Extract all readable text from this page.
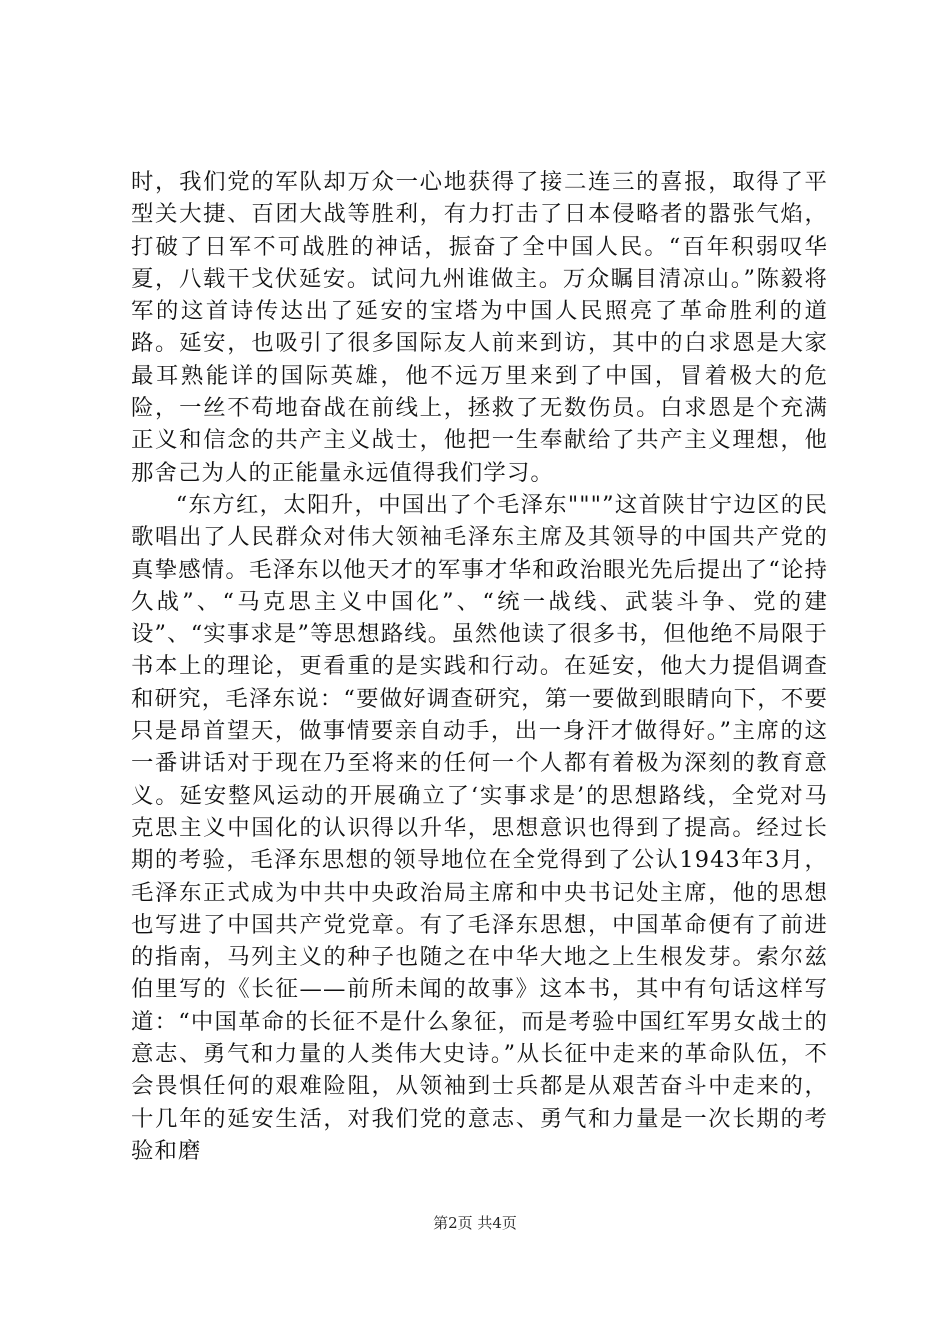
时，我们党的军队却万众一心地获得了接二连三的喜报，取得了平型关大捷、百团大战等胜利，有力打击了日本侵略者的嚣张气焰，打破了日军不可战胜的神话，振奋了全中国人民。“百年积弱叹华夏，八载干戈伏延安。试问九州谁做主。万众瞩目清凉山。”陈毅将军的这首诗传达出了延安的宝塔为中国人民照亮了革命胜利的道路。延安，也吸引了很多国际友人前来到访，其中的白求恩是大家最耳熟能详的国际英雄，他不远万里来到了中国，冒着极大的危险，一丝不苟地奋战在前线上，拯救了无数伤员。白求恩是个充满正义和信念的共产主义战士，他把一生奉献给了共产主义理想，他那舍己为人的正能量永远值得我们学习。

“东方红，太阳升，中国出了个毛泽东"""”这首陕甘宁边区的民歌唱出了人民群众对伟大领袖毛泽东主席及其领导的中国共产党的真挚感情。毛泽东以他天才的军事才华和政治眼光先后提出了“论持久战”、“马克思主义中国化”、“统一战线、武装斗争、党的建设”、“实事求是”等思想路线。虽然他读了很多书，但他绝不局限于书本上的理论，更看重的是实践和行动。在延安，他大力提倡调查和研究，毛泽东说：“要做好调查研究，第一要做到眼睛向下，不要只是昂首望天，做事情要亲自动手，出一身汗才做得好。”主席的这一番讲话对于现在乃至将来的任何一个人都有着极为深刻的教育意义。延安整风运动的开展确立了‘实事求是’的思想路线，全党对马克思主义中国化的认识得以升华，思想意识也得到了提高。经过长期的考验，毛泽东思想的领导地位在全党得到了公认1943年3月，毛泽东正式成为中共中央政治局主席和中央书记处主席，他的思想也写进了中国共产党党章。有了毛泽东思想，中国革命便有了前进的指南，马列主义的种子也随之在中华大地之上生根发芽。索尔兹伯里写的《长征——前所未闻的故事》这本书，其中有句话这样写道：“中国革命的长征不是什么象征，而是考验中国红军男女战士的意志、勇气和力量的人类伟大史诗。”从长征中走来的革命队伍，不会畏惧任何的艰难险阻，从领袖到士兵都是从艰苦奋斗中走来的，十几年的延安生活，对我们党的意志、勇气和力量是一次长期的考验和磨

第2页 共4页
